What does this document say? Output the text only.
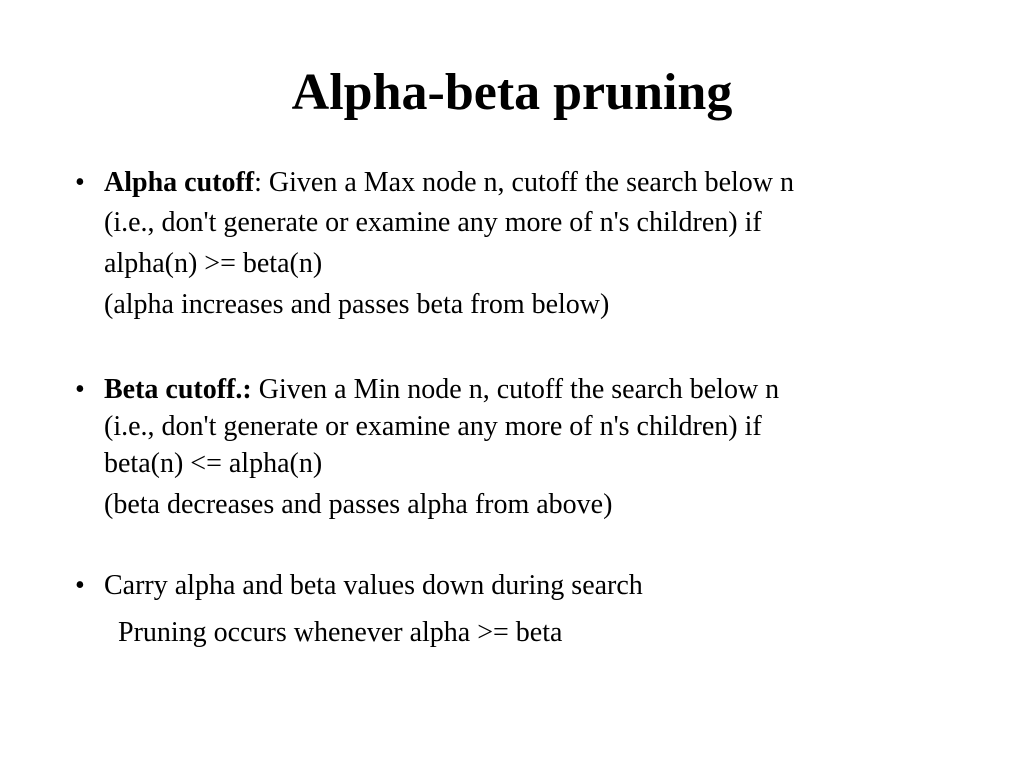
Alpha-beta pruning
• Alpha cutoff: Given a Max node n, cutoff the search below n
(i.e., don't generate or examine any more of n's children) if
alpha(n) >= beta(n)
(alpha increases and passes beta from below)
• Beta cutoff.: Given a Min node n, cutoff the search below n
(i.e., don't generate or examine any more of n's children) if
beta(n) <= alpha(n)
(beta decreases and passes alpha from above)
• Carry alpha and beta values down during search
Pruning occurs whenever alpha >= beta
